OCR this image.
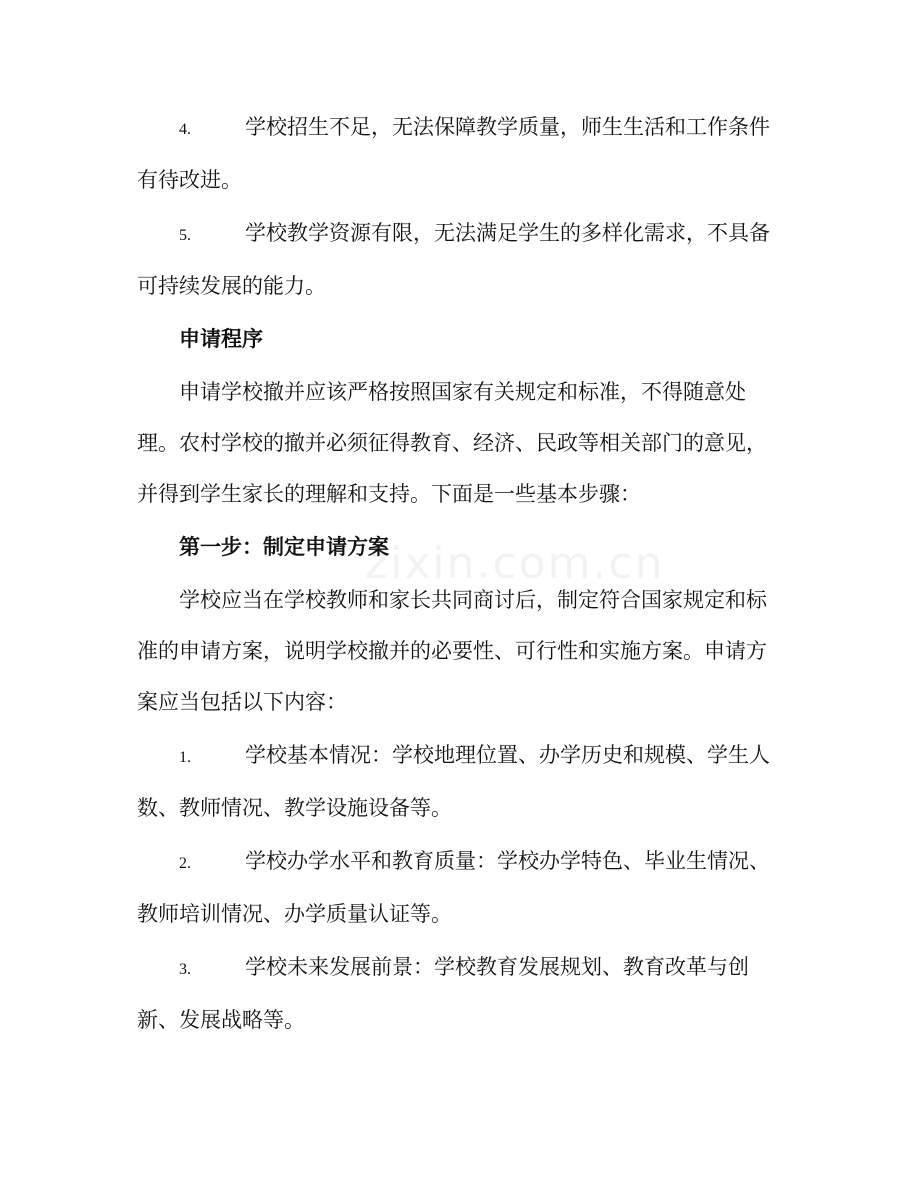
zixin.com.cn

4.	学校招生不足，无法保障教学质量，师生生活和工作条件有待改进。

5.	学校教学资源有限，无法满足学生的多样化需求，不具备可持续发展的能力。

申请程序

申请学校撤并应该严格按照国家有关规定和标准，不得随意处理。农村学校的撤并必须征得教育、经济、民政等相关部门的意见，并得到学生家长的理解和支持。下面是一些基本步骤：

第一步：制定申请方案

学校应当在学校教师和家长共同商讨后，制定符合国家规定和标准的申请方案，说明学校撤并的必要性、可行性和实施方案。申请方案应当包括以下内容：

1.	学校基本情况：学校地理位置、办学历史和规模、学生人数、教师情况、教学设施设备等。

2.	学校办学水平和教育质量：学校办学特色、毕业生情况、教师培训情况、办学质量认证等。

3.	学校未来发展前景：学校教育发展规划、教育改革与创新、发展战略等。
